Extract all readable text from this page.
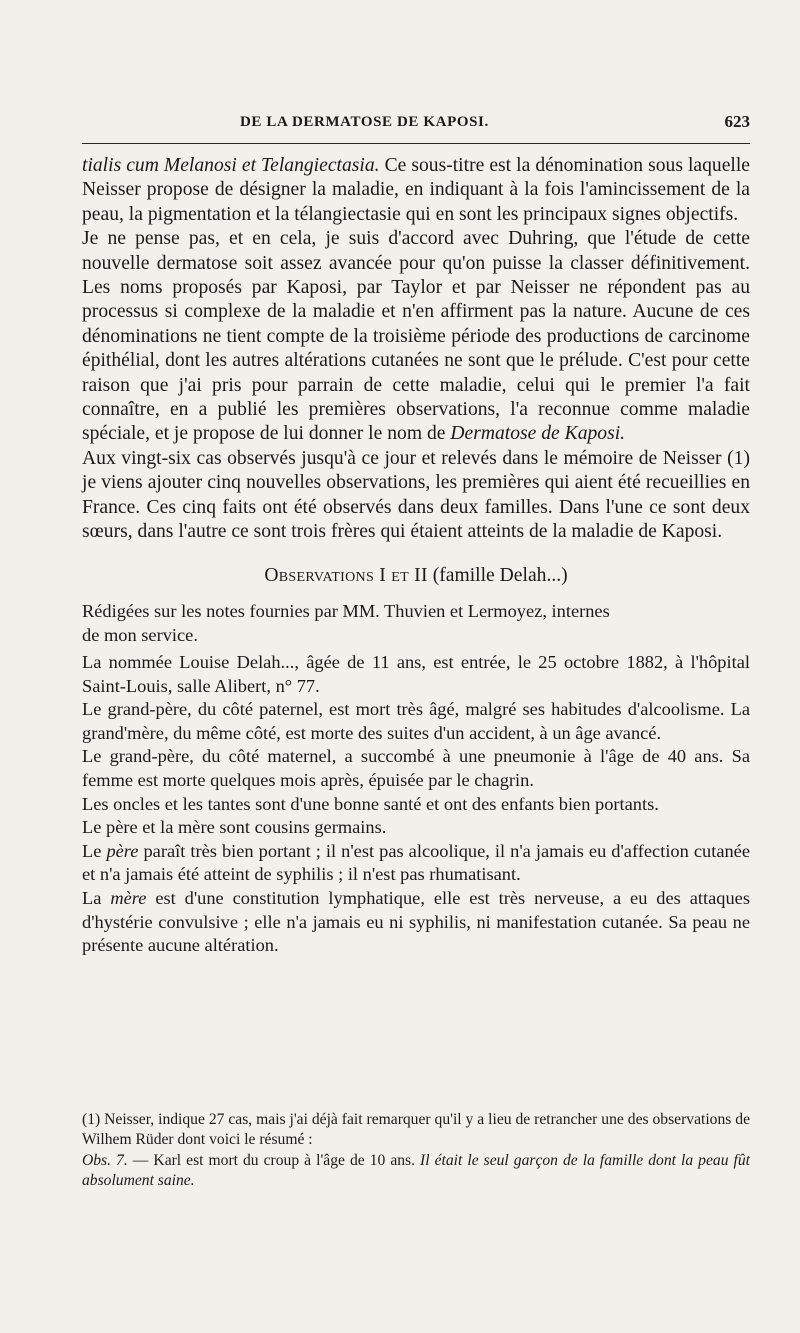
DE LA DERMATOSE DE KAPOSI.	623

tialis cum Melanosi et Telangiectasia. Ce sous-titre est la dénomination sous laquelle Neisser propose de désigner la maladie, en indiquant à la fois l'amincissement de la peau, la pigmentation et la télangiectasie qui en sont les principaux signes objectifs.

Je ne pense pas, et en cela, je suis d'accord avec Duhring, que l'étude de cette nouvelle dermatose soit assez avancée pour qu'on puisse la classer définitivement. Les noms proposés par Kaposi, par Taylor et par Neisser ne répondent pas au processus si complexe de la maladie et n'en affirment pas la nature. Aucune de ces dénominations ne tient compte de la troisième période des productions de carcinome épithélial, dont les autres altérations cutanées ne sont que le prélude. C'est pour cette raison que j'ai pris pour parrain de cette maladie, celui qui le premier l'a fait connaître, en a publié les premières observations, l'a reconnue comme maladie spéciale, et je propose de lui donner le nom de Dermatose de Kaposi.

Aux vingt-six cas observés jusqu'à ce jour et relevés dans le mémoire de Neisser (1) je viens ajouter cinq nouvelles observations, les premières qui aient été recueillies en France. Ces cinq faits ont été observés dans deux familles. Dans l'une ce sont deux sœurs, dans l'autre ce sont trois frères qui étaient atteints de la maladie de Kaposi.

Observations I et II (famille Delah...)

Rédigées sur les notes fournies par MM. Thuvien et Lermoyez, internes

de mon service.

La nommée Louise Delah..., âgée de 11 ans, est entrée, le 25 octobre 1882, à l'hôpital Saint-Louis, salle Alibert, n° 77.

Le grand-père, du côté paternel, est mort très âgé, malgré ses habitudes d'alcoolisme. La grand'mère, du même côté, est morte des suites d'un accident, à un âge avancé.

Le grand-père, du côté maternel, a succombé à une pneumonie à l'âge de 40 ans. Sa femme est morte quelques mois après, épuisée par le chagrin.

Les oncles et les tantes sont d'une bonne santé et ont des enfants bien portants.

Le père et la mère sont cousins germains.

Le père paraît très bien portant ; il n'est pas alcoolique, il n'a jamais eu d'affection cutanée et n'a jamais été atteint de syphilis ; il n'est pas rhumatisant.

La mère est d'une constitution lymphatique, elle est très nerveuse, a eu des attaques d'hystérie convulsive ; elle n'a jamais eu ni syphilis, ni manifestation cutanée. Sa peau ne présente aucune altération.

(1) Neisser, indique 27 cas, mais j'ai déjà fait remarquer qu'il y a lieu de retrancher une des observations de Wilhem Rüder dont voici le résumé :

Obs. 7. — Karl est mort du croup à l'âge de 10 ans. Il était le seul garçon de la famille dont la peau fût absolument saine.
